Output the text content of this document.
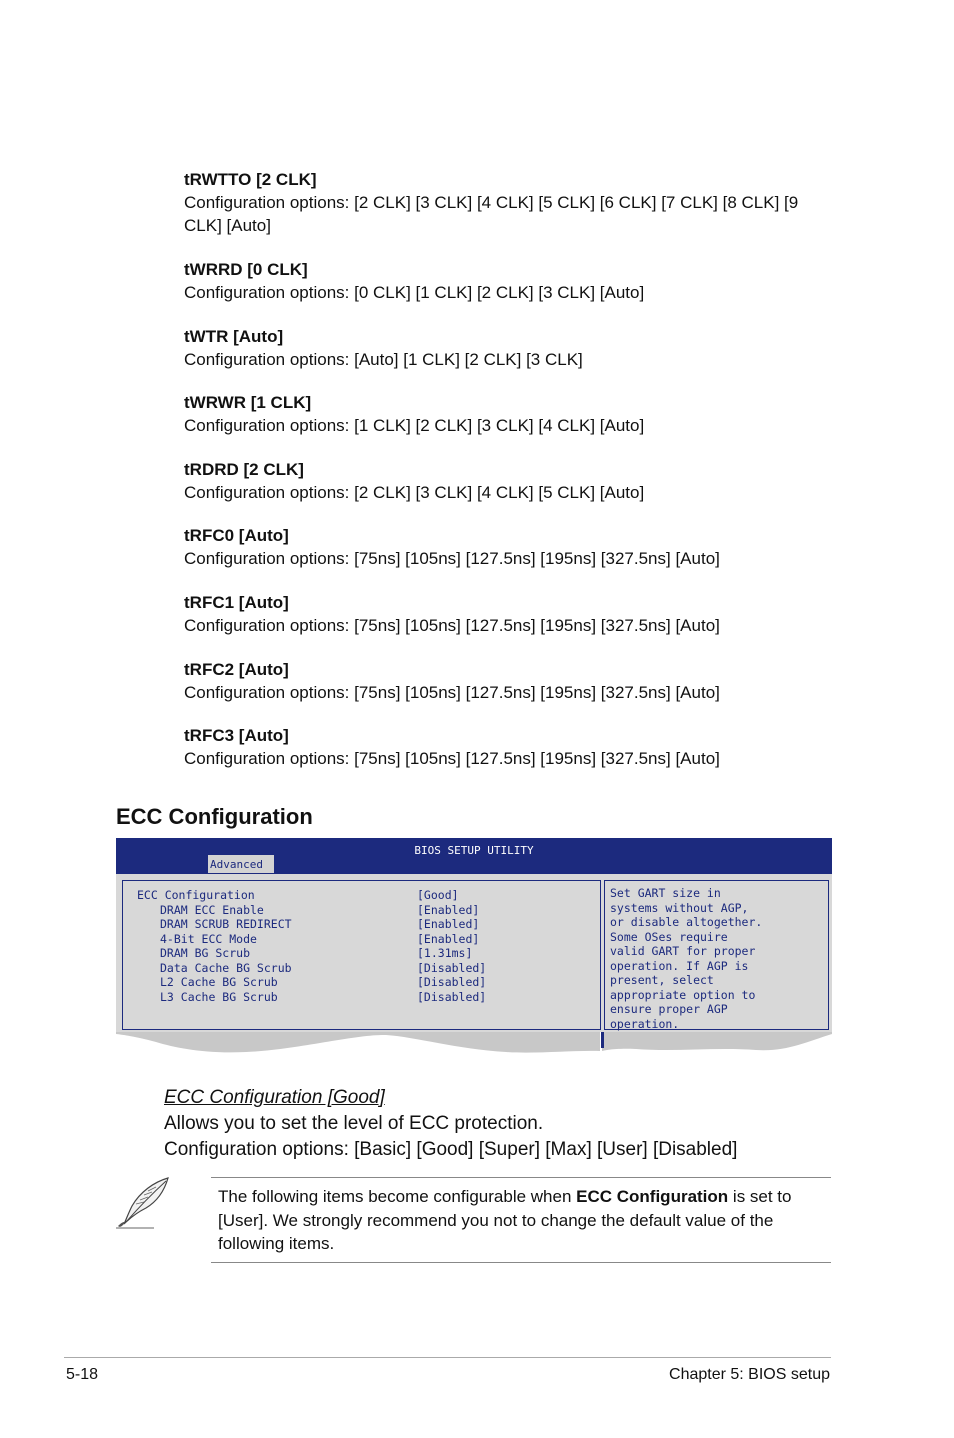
tRWTTO [2 CLK]
Configuration options: [2 CLK] [3 CLK] [4 CLK] [5 CLK] [6 CLK] [7 CLK] [8 CLK] [9 CLK] [Auto]
tWRRD [0 CLK]
Configuration options: [0 CLK] [1 CLK] [2 CLK] [3 CLK] [Auto]
tWTR [Auto]
Configuration options: [Auto] [1 CLK] [2 CLK] [3 CLK]
tWRWR [1 CLK]
Configuration options: [1 CLK] [2 CLK] [3 CLK] [4 CLK] [Auto]
tRDRD [2 CLK]
Configuration options: [2 CLK] [3 CLK] [4 CLK] [5 CLK] [Auto]
tRFC0 [Auto]
Configuration options: [75ns] [105ns] [127.5ns] [195ns] [327.5ns] [Auto]
tRFC1 [Auto]
Configuration options: [75ns] [105ns] [127.5ns] [195ns] [327.5ns] [Auto]
tRFC2 [Auto]
Configuration options: [75ns] [105ns] [127.5ns] [195ns] [327.5ns] [Auto]
tRFC3 [Auto]
Configuration options: [75ns] [105ns] [127.5ns] [195ns] [327.5ns] [Auto]
ECC Configuration
BIOS SETUP UTILITY
Advanced
ECC Configuration	[Good]
DRAM ECC Enable	[Enabled]
DRAM SCRUB REDIRECT	[Enabled]
4-Bit ECC Mode	[Enabled]
DRAM BG Scrub	[1.31ms]
Data Cache BG Scrub	[Disabled]
L2 Cache BG Scrub	[Disabled]
L3 Cache BG Scrub	[Disabled]
Set GART size in
systems without AGP,
or disable altogether.
Some OSes require
valid GART for proper
operation. If AGP is
present, select
appropriate option to
ensure proper AGP
operation.
ECC Configuration [Good]
Allows you to set the level of ECC protection.
Configuration options: [Basic] [Good] [Super] [Max] [User] [Disabled]
The following items become configurable when ECC Configuration is set to [User]. We strongly recommend you not to change the default value of the following items.
5-18	Chapter 5: BIOS setup
